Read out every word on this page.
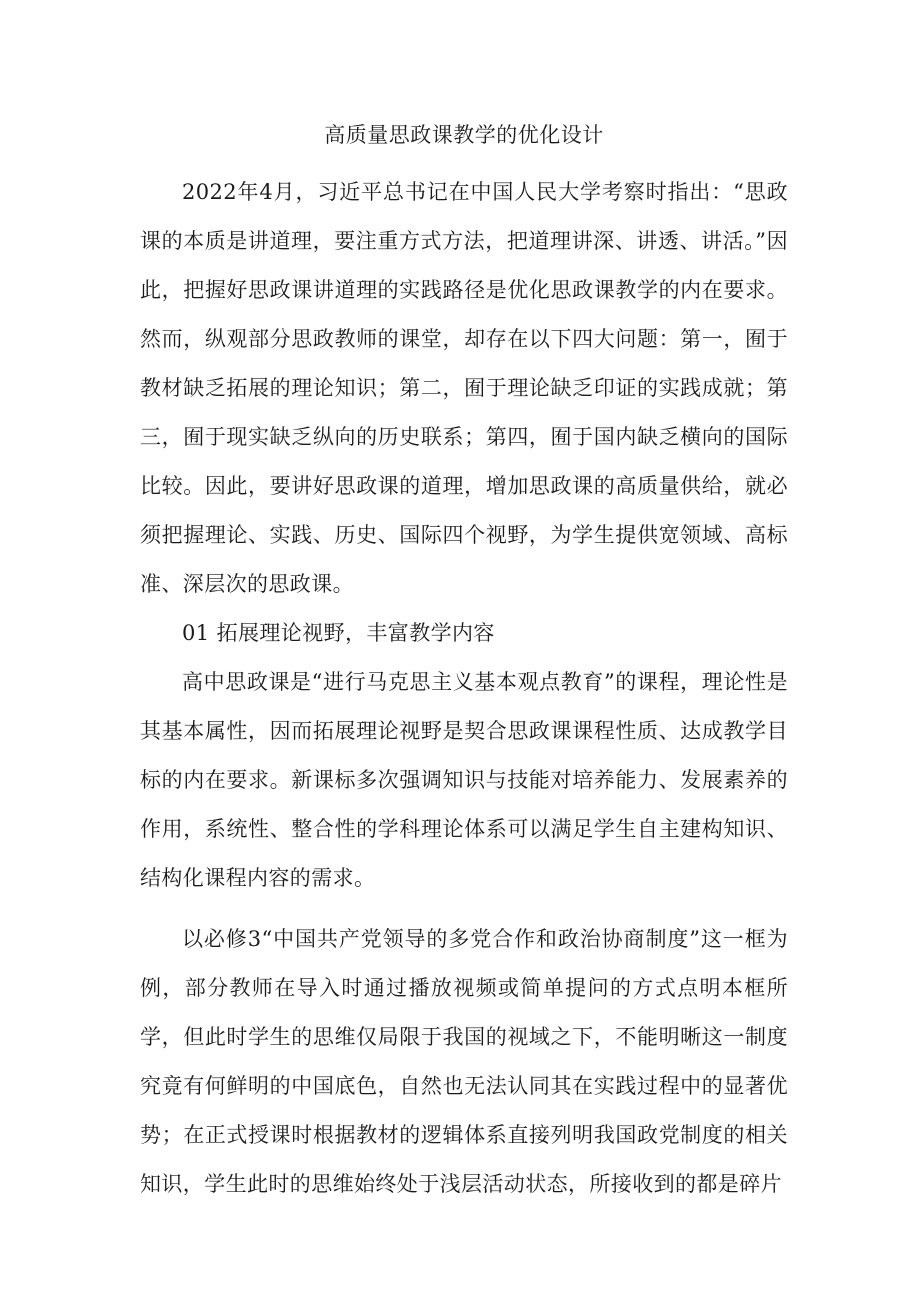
高质量思政课教学的优化设计

2022年4月，习近平总书记在中国人民大学考察时指出：“思政课的本质是讲道理，要注重方式方法，把道理讲深、讲透、讲活。”因此，把握好思政课讲道理的实践路径是优化思政课教学的内在要求。然而，纵观部分思政教师的课堂，却存在以下四大问题：第一，囿于教材缺乏拓展的理论知识；第二，囿于理论缺乏印证的实践成就；第三，囿于现实缺乏纵向的历史联系；第四，囿于国内缺乏横向的国际比较。因此，要讲好思政课的道理，增加思政课的高质量供给，就必须把握理论、实践、历史、国际四个视野，为学生提供宽领域、高标准、深层次的思政课。

01 拓展理论视野，丰富教学内容

高中思政课是“进行马克思主义基本观点教育”的课程，理论性是其基本属性，因而拓展理论视野是契合思政课课程性质、达成教学目标的内在要求。新课标多次强调知识与技能对培养能力、发展素养的作用，系统性、整合性的学科理论体系可以满足学生自主建构知识、结构化课程内容的需求。

以必修3“中国共产党领导的多党合作和政治协商制度”这一框为例，部分教师在导入时通过播放视频或简单提问的方式点明本框所学，但此时学生的思维仅局限于我国的视域之下，不能明晰这一制度究竟有何鲜明的中国底色，自然也无法认同其在实践过程中的显著优势；在正式授课时根据教材的逻辑体系直接列明我国政党制度的相关知识，学生此时的思维始终处于浅层活动状态，所接收到的都是碎片
